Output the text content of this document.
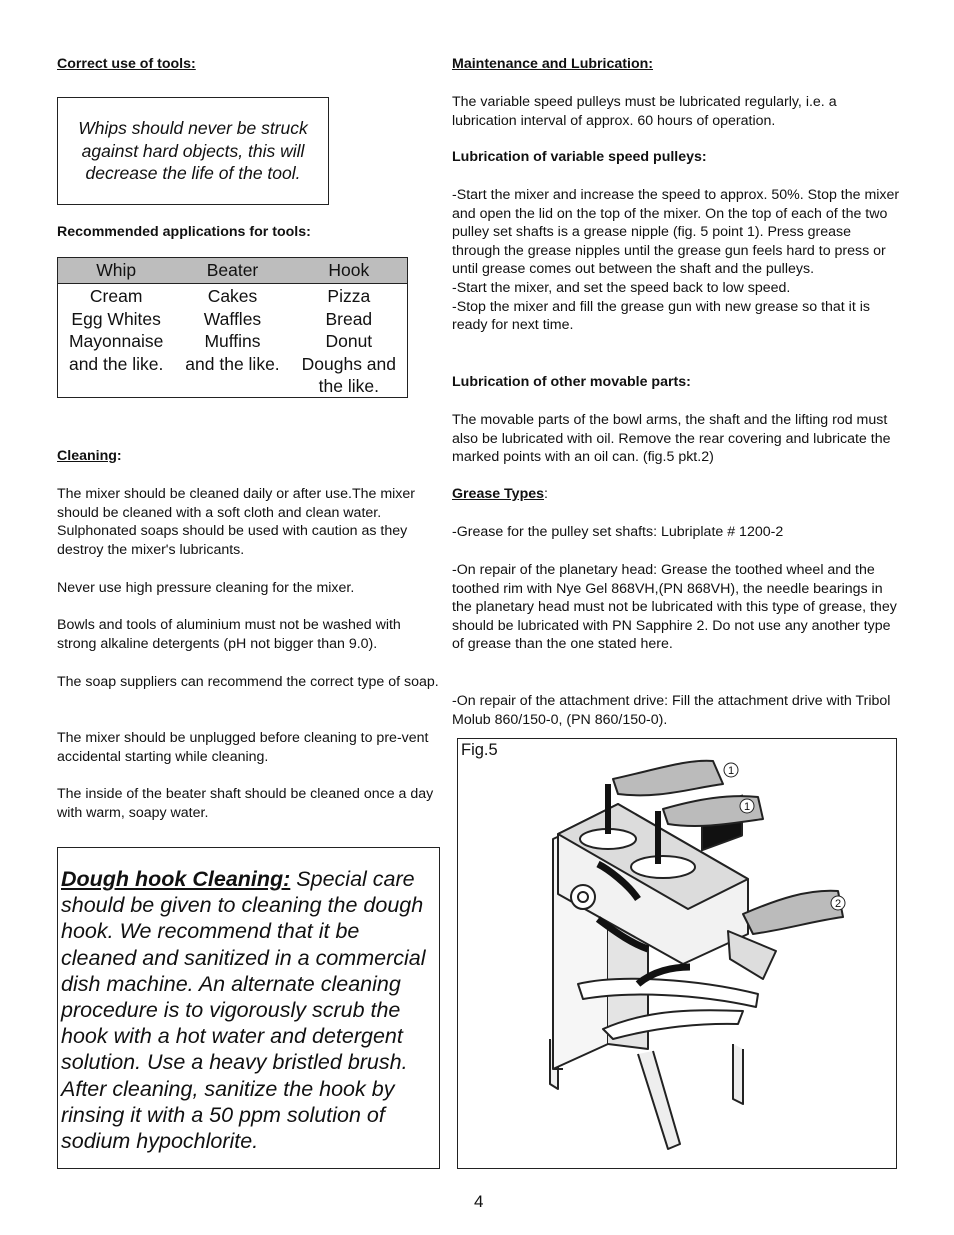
Correct use of tools:

Whips should never be struck against hard objects, this will decrease the life of the tool.

Recommended applications for tools:

Whip	Beater	Hook
Cream
Egg Whites
Mayonnaise
and the like.
Cakes
Waffles
Muffins
and the like.
Pizza
Bread
Donut
Doughs and
the like.

Cleaning:

The mixer should be cleaned daily or after use.The mixer should be cleaned with a soft cloth and clean water. Sulphonated soaps should be used with caution as they destroy the mixer's lubricants.

Never use high pressure cleaning for the mixer.

Bowls and tools of aluminium must not be washed with strong alkaline detergents (pH not bigger than 9.0).

The soap suppliers can recommend the correct type of soap.

The mixer should be unplugged before cleaning to pre-vent accidental starting while cleaning.

The inside of the beater shaft should be cleaned once a day with warm, soapy water.

Dough hook Cleaning: Special care should be given to cleaning the dough hook. We recommend that it be cleaned and sanitized in a commercial dish machine. An alternate cleaning procedure is to vigorously scrub the hook with a hot water and detergent solution. Use a heavy bristled brush. After cleaning, sanitize the hook by rinsing it with a 50 ppm solution of sodium hypochlorite.

Maintenance and Lubrication:

The variable speed pulleys must be lubricated regularly, i.e. a lubrication interval of approx. 60 hours of operation.

Lubrication of variable speed pulleys:

-Start the mixer and increase the speed to approx. 50%. Stop the mixer and open the lid on the top of the mixer. On the top of each of the two pulley set shafts is a grease nipple (fig. 5 point 1). Press grease through the grease nipples until the grease gun feels hard to press or until grease comes out between the shaft and the pulleys.

-Start the mixer, and set the speed back to low speed.

-Stop the mixer and fill the grease gun with new grease so that it is ready for next time.

Lubrication of other movable parts:

The movable parts of the bowl arms, the shaft and the lifting rod must also be lubricated with oil. Remove the rear covering and lubricate the marked points with an oil can. (fig.5 pkt.2)

Grease Types:

-Grease for the pulley set shafts: Lubriplate # 1200-2

-On repair of the planetary head: Grease the toothed wheel and the toothed rim with Nye Gel 868VH,(PN 868VH), the needle bearings in the planetary head must not be lubricated with this type of grease, they should be lubricated with PN Sapphire 2. Do not use any another type of grease than the one stated here.

-On repair of the attachment drive: Fill the attachment drive with Tribol Molub 860/150-0, (PN 860/150-0).

Fig.5
1
1
2
4
